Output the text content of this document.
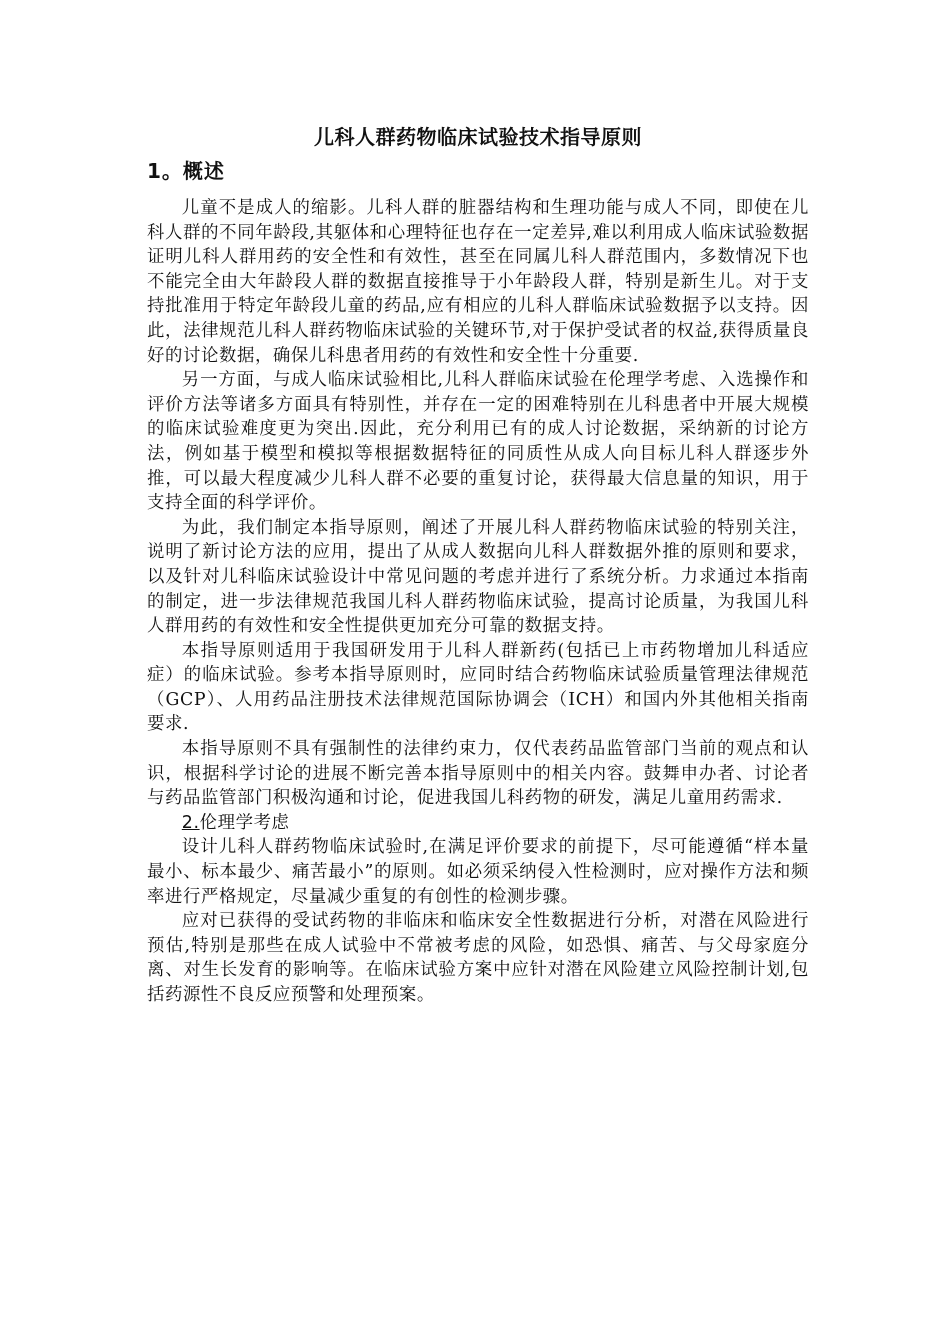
儿科人群药物临床试验技术指导原则
1。概述

儿童不是成人的缩影。儿科人群的脏器结构和生理功能与成人不同，即使在儿科人群的不同年龄段,其躯体和心理特征也存在一定差异,难以利用成人临床试验数据证明儿科人群用药的安全性和有效性，甚至在同属儿科人群范围内，多数情况下也不能完全由大年龄段人群的数据直接推导于小年龄段人群，特别是新生儿。对于支持批准用于特定年龄段儿童的药品,应有相应的儿科人群临床试验数据予以支持。因此，法律规范儿科人群药物临床试验的关键环节,对于保护受试者的权益,获得质量良好的讨论数据，确保儿科患者用药的有效性和安全性十分重要.

另一方面，与成人临床试验相比,儿科人群临床试验在伦理学考虑、入选操作和评价方法等诸多方面具有特别性，并存在一定的困难特别在儿科患者中开展大规模的临床试验难度更为突出.因此，充分利用已有的成人讨论数据，采纳新的讨论方法，例如基于模型和模拟等根据数据特征的同质性从成人向目标儿科人群逐步外推，可以最大程度减少儿科人群不必要的重复讨论，获得最大信息量的知识，用于支持全面的科学评价。

为此，我们制定本指导原则，阐述了开展儿科人群药物临床试验的特别关注，说明了新讨论方法的应用，提出了从成人数据向儿科人群数据外推的原则和要求，以及针对儿科临床试验设计中常见问题的考虑并进行了系统分析。力求通过本指南的制定，进一步法律规范我国儿科人群药物临床试验，提高讨论质量，为我国儿科人群用药的有效性和安全性提供更加充分可靠的数据支持。

本指导原则适用于我国研发用于儿科人群新药(包括已上市药物增加儿科适应症）的临床试验。参考本指导原则时，应同时结合药物临床试验质量管理法律规范（GCP）、人用药品注册技术法律规范国际协调会（ICH）和国内外其他相关指南要求.

本指导原则不具有强制性的法律约束力，仅代表药品监管部门当前的观点和认识，根据科学讨论的进展不断完善本指导原则中的相关内容。鼓舞申办者、讨论者与药品监管部门积极沟通和讨论，促进我国儿科药物的研发，满足儿童用药需求.

2.伦理学考虑

设计儿科人群药物临床试验时,在满足评价要求的前提下，尽可能遵循“样本量最小、标本最少、痛苦最小”的原则。如必须采纳侵入性检测时，应对操作方法和频率进行严格规定，尽量减少重复的有创性的检测步骤。

应对已获得的受试药物的非临床和临床安全性数据进行分析，对潜在风险进行预估,特别是那些在成人试验中不常被考虑的风险，如恐惧、痛苦、与父母家庭分离、对生长发育的影响等。在临床试验方案中应针对潜在风险建立风险控制计划,包括药源性不良反应预警和处理预案。
